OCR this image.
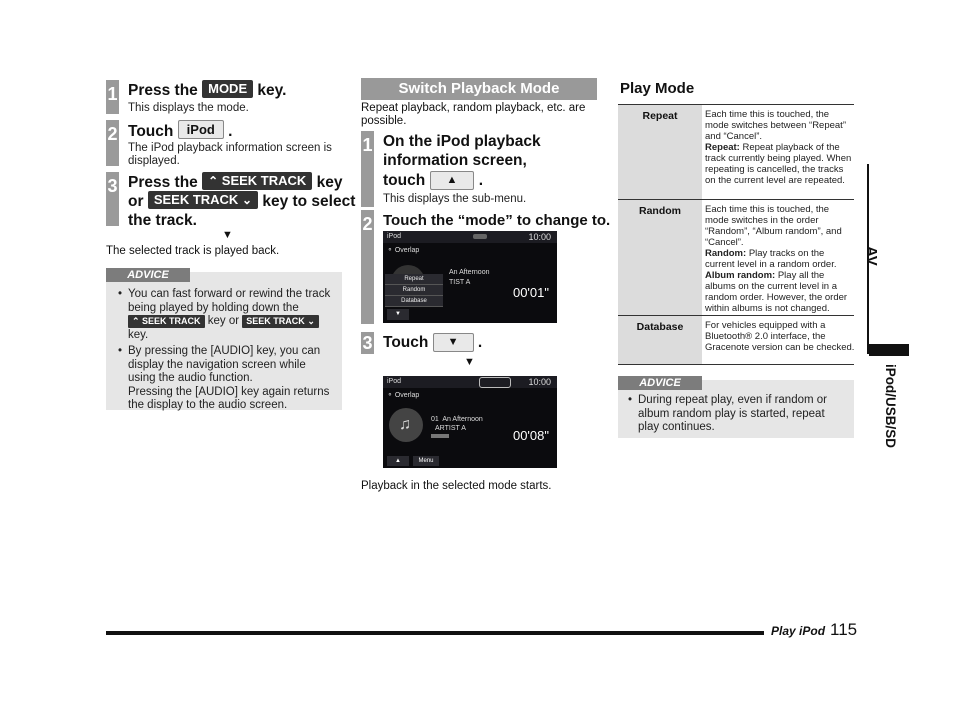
1 Press the MODE key.
This displays the mode.
2 Touch iPod .
The iPod playback information screen is displayed.
3 Press the ⌃ SEEK TRACK key
or SEEK TRACK ⌄ key to select
the track.
▼
The selected track is played back.
ADVICE
• You can fast forward or rewind the track being played by holding down the
⌃ SEEK TRACK key or SEEK TRACK ⌄
key.
• By pressing the [AUDIO] key, you can display the navigation screen while using the audio function.
Pressing the [AUDIO] key again returns the display to the audio screen.
Switch Playback Mode
Repeat playback, random playback, etc. are possible.
1 On the iPod playback
information screen,
touch ▲ .
This displays the sub-menu.
2 Touch the “mode” to change to.
iPod	10:00
⚬ Overlap
Repeat
Random
Database
An Afternoon
TIST A
00'01"
▼
3 Touch ▼ .
▼
iPod	10:00
⚬ Overlap
♫	01 An Afternoon
ARTIST A	00'08"
▲	Menu
Playback in the selected mode starts.
Play Mode
Repeat	Each time this is touched, the mode switches between “Repeat” and “Cancel”.
Repeat: Repeat playback of the track currently being played. When repeating is cancelled, the tracks on the current level are repeated.
Random	Each time this is touched, the mode switches in the order “Random”, “Album random”, and “Cancel”.
Random: Play tracks on the current level in a random order.
Album random: Play all the albums on the current level in a random order. However, the order within albums is not changed.
Database	For vehicles equipped with a Bluetooth® 2.0 interface, the Gracenote version can be checked.
ADVICE
• During repeat play, even if random or album random play is started, repeat play continues.
AV
iPod/USB/SD
Play iPod 115
